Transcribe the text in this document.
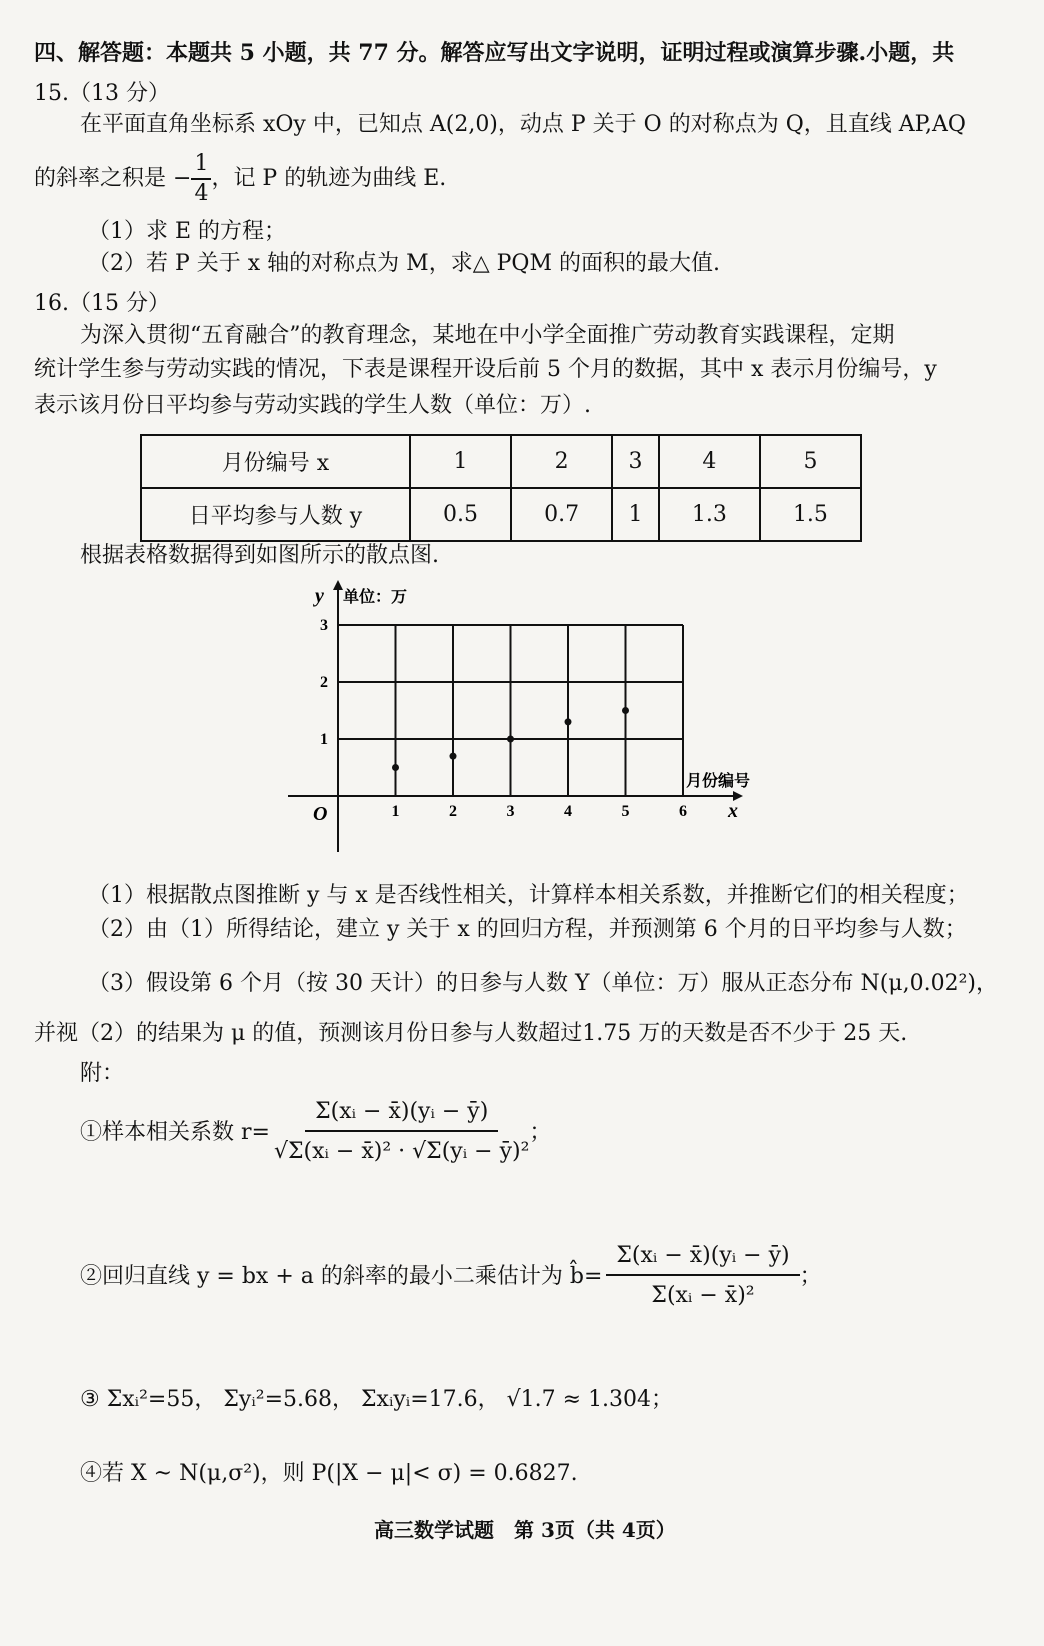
四、解答题：本题共 5 小题，共 77 分。解答应写出文字说明，证明过程或演算步骤.小题，共
15.（13 分）
在平面直角坐标系 xOy 中，已知点 A(2,0)，动点 P 关于 O 的对称点为 Q，且直线 AP,AQ
的斜率之积是 − $\frac{1}{4}$ ，记 P 的轨迹为曲线 E.
（1）求 E 的方程；
（2）若 P 关于 x 轴的对称点为 M，求△ PQM 的面积的最大值.
16.（15 分）
为深入贯彻“五育融合”的教育理念，某地在中小学全面推广劳动教育实践课程，定期
统计学生参与劳动实践的情况，下表是课程开设后前 5 个月的数据，其中 x 表示月份编号，y
表示该月份日平均参与劳动实践的学生人数（单位：万）.
月份编号 x	1	2	3	4	5
日平均参与人数 y	0.5	0.7	1	1.3	1.5
根据表格数据得到如图所示的散点图.
1	2	3	4	5	6
1
2
3
y 单位：万
O
月份编号
x
（1）根据散点图推断 y 与 x 是否线性相关，计算样本相关系数，并推断它们的相关程度；
（2）由（1）所得结论，建立 y 关于 x 的回归方程，并预测第 6 个月的日平均参与人数；
（3）假设第 6 个月（按 30 天计）的日参与人数 Y（单位：万）服从正态分布 N(μ,0.02²)，
并视（2）的结果为 μ 的值，预测该月份日参与人数超过1.75 万的天数是否不少于 25 天.
附：
①样本相关系数 $r= \frac{\text{Σ(xᵢ − x̄)(yᵢ − ȳ)}}{\text{√Σ(xᵢ − x̄)² · √Σ(yᵢ − ȳ)²}}$ ；
②回归直线 y = bx + a 的斜率的最小二乘估计为 b̂= $\frac{\text{Σ(xᵢ − x̄)(yᵢ − ȳ)}}{\text{Σ(xᵢ − x̄)²}}$ ；
③ Σxᵢ²=55， Σyᵢ²=5.68， Σxᵢyᵢ=17.6， √1.7 ≈ 1.304；
④若 X ~ N(μ,σ²)，则 P(|X − μ|< σ) = 0.6827.
高三数学试题　第 3页（共 4页）
